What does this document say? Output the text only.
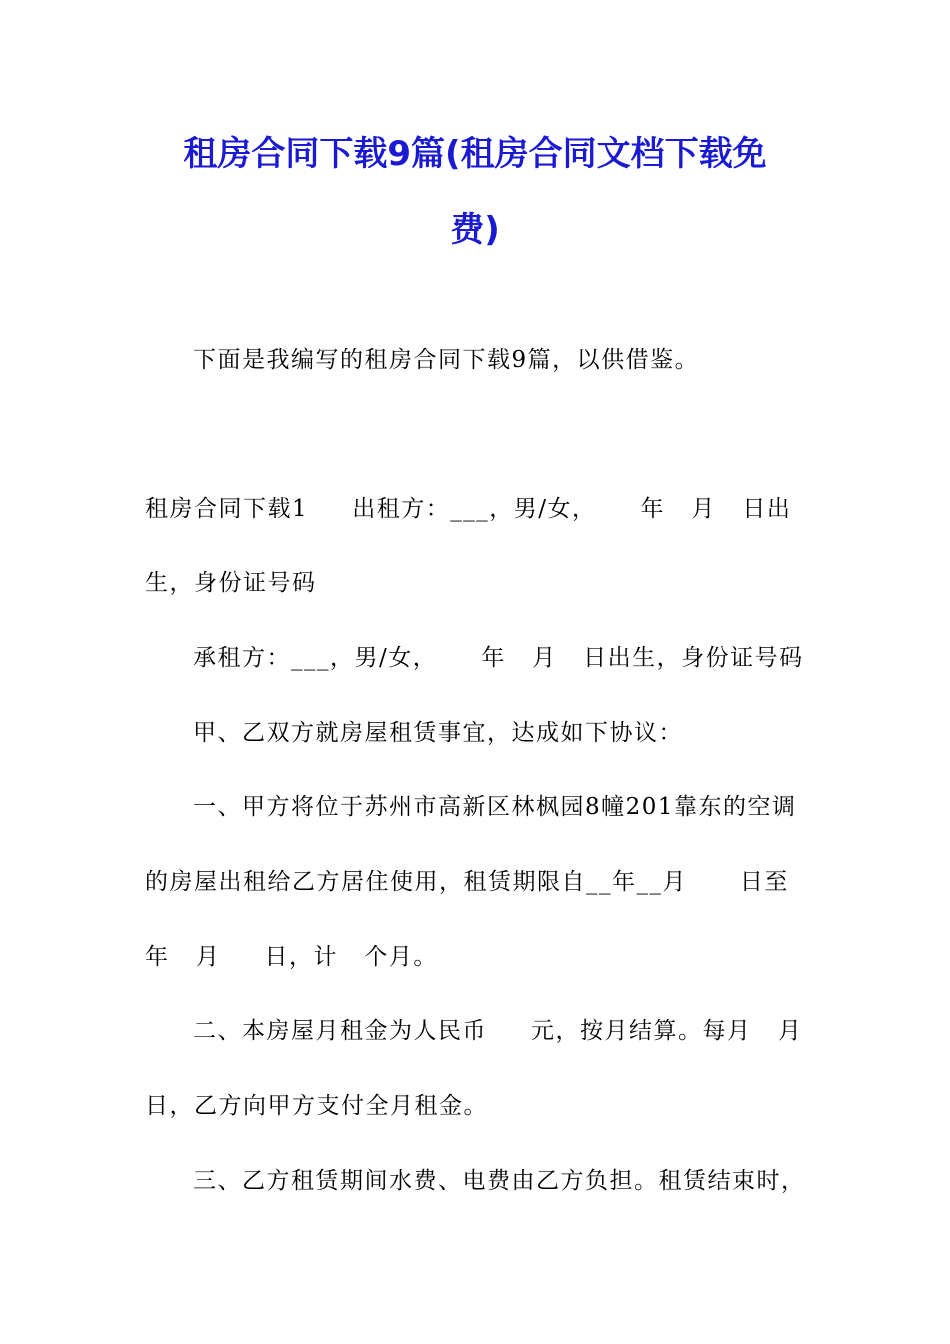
租房合同下载9篇(租房合同文档下载免
费)

下面是我编写的租房合同下载9篇，以供借鉴。

租房合同下载1     出租方：___，男/女，     年   月   日出

生，身份证号码

承租方：___，男/女，     年   月   日出生，身份证号码

甲、乙双方就房屋租赁事宜，达成如下协议：

一、甲方将位于苏州市高新区林枫园8幢201靠东的空调

的房屋出租给乙方居住使用，租赁期限自__年__月      日至

年   月     日，计   个月。

二、本房屋月租金为人民币     元，按月结算。每月   月

日，乙方向甲方支付全月租金。

三、乙方租赁期间水费、电费由乙方负担。租赁结束时，
